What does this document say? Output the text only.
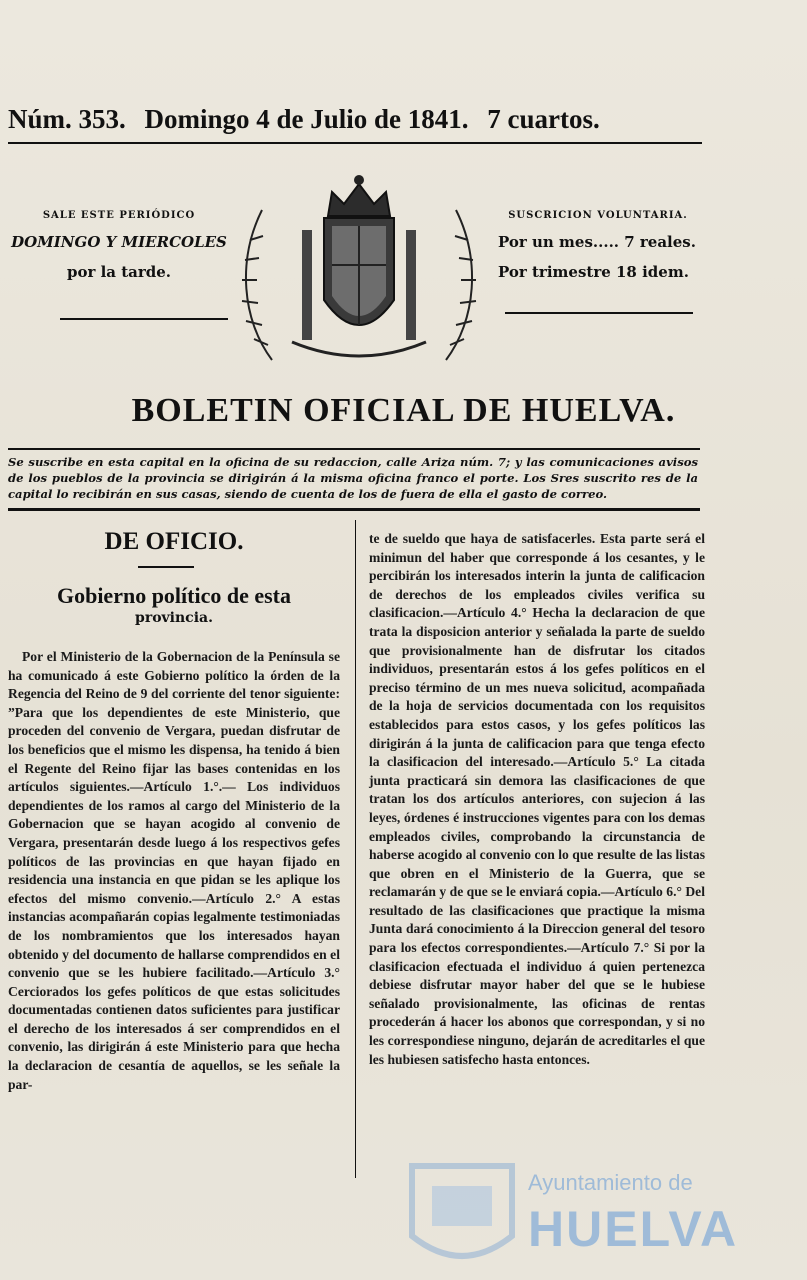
Núm. 353. Domingo 4 de Julio de 1841. 7 cuartos.
SALE ESTE PERIÓDICO
DOMINGO Y MIERCOLES
por la tarde.
SUSCRICION VOLUNTARIA.
Por un mes..... 7 reales.
Por trimestre 18 idem.
BOLETIN OFICIAL DE HUELVA.
Se suscribe en esta capital en la oficina de su redaccion, calle Ariza núm. 7; y las comunicaciones avisos de los pueblos de la provincia se dirigirán á la misma oficina franco el porte. Los Sres suscrito res de la capital lo recibirán en sus casas, siendo de cuenta de los de fuera de ella el gasto de correo.
DE OFICIO.
Gobierno político de esta
provincia.

Por el Ministerio de la Gobernacion de la Península se ha comunicado á este Gobierno político la órden de la Regencia del Reino de 9 del corriente del tenor siguiente: ”Para que los dependientes de este Ministerio, que proceden del convenio de Vergara, puedan disfrutar de los beneficios que el mismo les dispensa, ha tenido á bien el Regente del Reino fijar las bases contenidas en los artículos siguientes.—Artículo 1.°.— Los individuos dependientes de los ramos al cargo del Ministerio de la Gobernacion que se hayan acogido al convenio de Vergara, presentarán desde luego á los respectivos gefes políticos de las provincias en que hayan fijado en residencia una instancia en que pidan se les aplique los efectos del mismo convenio.—Artículo 2.° A estas instancias acompañarán copias legalmente testimoniadas de los nombramientos que los interesados hayan obtenido y del documento de hallarse comprendidos en el convenio que se les hubiere facilitado.—Artículo 3.° Cerciorados los gefes políticos de que estas solicitudes documentadas contienen datos suficientes para justificar el derecho de los interesados á ser comprendidos en el convenio, las dirigirán á este Ministerio para que hecha la declaracion de cesantía de aquellos, se les señale la par-

te de sueldo que haya de satisfacerles. Esta parte será el minimun del haber que corresponde á los cesantes, y le percibirán los interesados interin la junta de calificacion de derechos de los empleados civiles verifica su clasificacion.—Artículo 4.° Hecha la declaracion de que trata la disposicion anterior y señalada la parte de sueldo que provisionalmente han de disfrutar los citados individuos, presentarán estos á los gefes políticos en el preciso término de un mes nueva solicitud, acompañada de la hoja de servicios documentada con los requisitos establecidos para estos casos, y los gefes políticos las dirigirán á la junta de calificacion para que tenga efecto la clasificacion del interesado.—Artículo 5.° La citada junta practicará sin demora las clasificaciones de que tratan los dos artículos anteriores, con sujecion á las leyes, órdenes é instrucciones vigentes para con los demas empleados civiles, comprobando la circunstancia de haberse acogido al convenio con lo que resulte de las listas que obren en el Ministerio de la Guerra, que se reclamarán y de que se le enviará copia.—Artículo 6.° Del resultado de las clasificaciones que practique la misma Junta dará conocimiento á la Direccion general del tesoro para los efectos correspondientes.—Artículo 7.° Si por la clasificacion efectuada el individuo á quien pertenezca debiese disfrutar mayor haber del que se le hubiese señalado provisionalmente, las oficinas de rentas procederán á hacer los abonos que correspondan, y si no les correspondiese ninguno, dejarán de acreditarles el que les hubiesen satisfecho hasta entonces.

Ayuntamiento de
HUELVA
